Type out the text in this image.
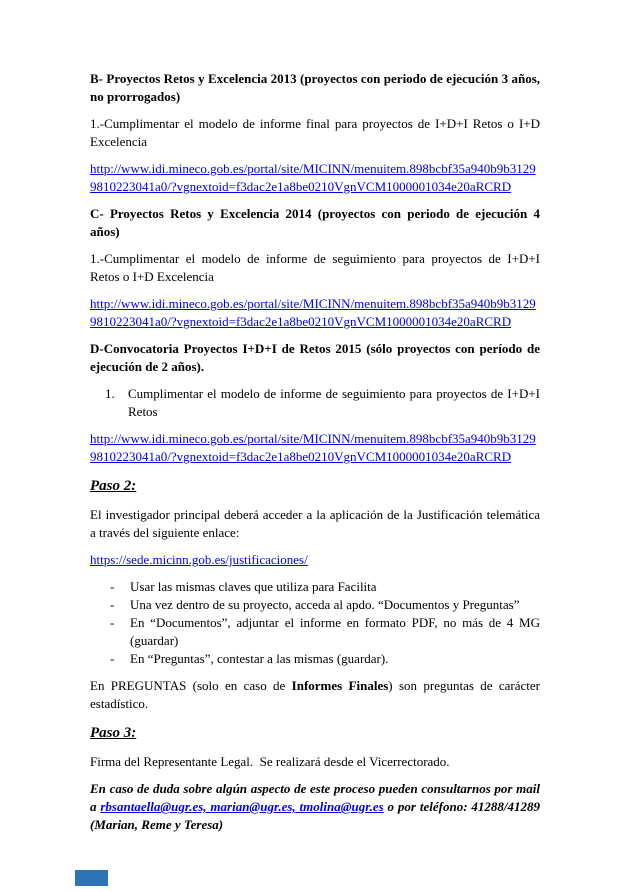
B- Proyectos Retos y Excelencia 2013 (proyectos con periodo de ejecución 3 años, no prorrogados)

1.-Cumplimentar el modelo de informe final para proyectos de I+D+I Retos o I+D Excelencia

http://www.idi.mineco.gob.es/portal/site/MICINN/menuitem.898bcbf35a940b9b31299810223041a0/?vgnextoid=f3dac2e1a8be0210VgnVCM1000001034e20aRCRD

C- Proyectos Retos y Excelencia 2014 (proyectos con periodo de ejecución 4 años)

1.-Cumplimentar el modelo de informe de seguimiento para proyectos de I+D+I Retos o I+D Excelencia

http://www.idi.mineco.gob.es/portal/site/MICINN/menuitem.898bcbf35a940b9b31299810223041a0/?vgnextoid=f3dac2e1a8be0210VgnVCM1000001034e20aRCRD

D-Convocatoria Proyectos I+D+I de Retos 2015 (sólo proyectos con período de ejecución de 2 años).

1. Cumplimentar el modelo de informe de seguimiento para proyectos de I+D+I Retos

http://www.idi.mineco.gob.es/portal/site/MICINN/menuitem.898bcbf35a940b9b31299810223041a0/?vgnextoid=f3dac2e1a8be0210VgnVCM1000001034e20aRCRD

Paso 2:

El investigador principal deberá acceder a la aplicación de la Justificación telemática a través del siguiente enlace:

https://sede.micinn.gob.es/justificaciones/

- Usar las mismas claves que utiliza para Facilita

- Una vez dentro de su proyecto, acceda al apdo. “Documentos y Preguntas”

- En “Documentos”, adjuntar el informe en formato PDF, no más de 4 MG (guardar)

- En “Preguntas”, contestar a las mismas (guardar).

En PREGUNTAS (solo en caso de Informes Finales) son preguntas de carácter estadístico.

Paso 3:

Firma del Representante Legal.  Se realizará desde el Vicerrectorado.

En caso de duda sobre algún aspecto de este proceso pueden consultarnos por mail a rbsantaella@ugr.es, marian@ugr.es, tmolina@ugr.es o por teléfono: 41288/41289 (Marian, Reme y Teresa)
